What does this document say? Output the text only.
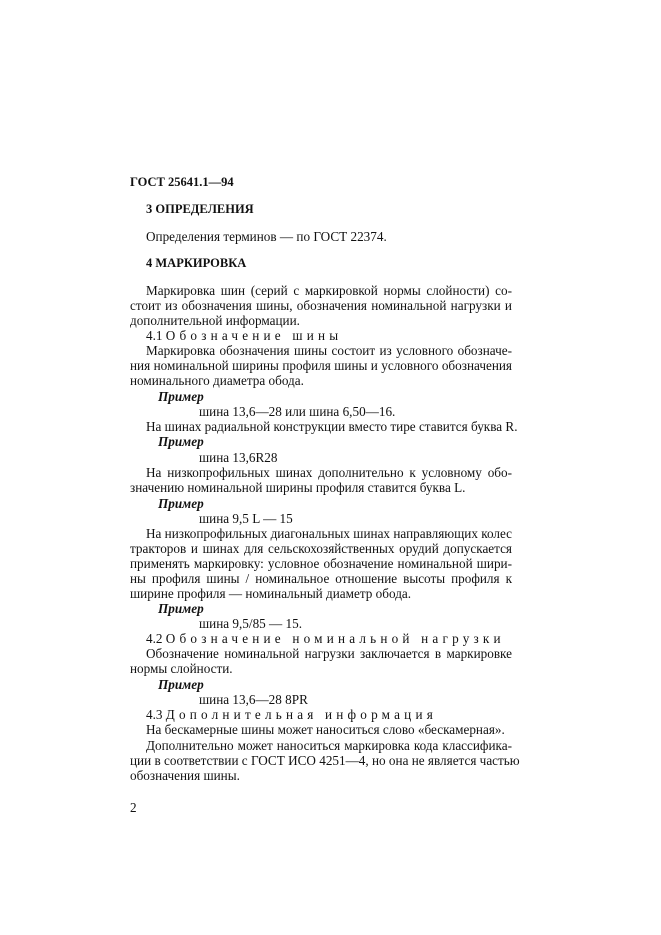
ГОСТ 25641.1—94
3 ОПРЕДЕЛЕНИЯ
Определения терминов — по ГОСТ 22374.
4 МАРКИРОВКА
Маркировка шин (серий с маркировкой нормы слойности) со-
стоит из обозначения шины, обозначения номинальной нагрузки и
дополнительной информации.
4.1 Обозначение шины
Маркировка обозначения шины состоит из условного обозначе-
ния номинальной ширины профиля шины и условного обозначения
номинального диаметра обода.
Пример
шина 13,6—28 или шина 6,50—16.
На шинах радиальной конструкции вместо тире ставится буква R.
Пример
шина 13,6R28
На низкопрофильных шинах дополнительно к условному обо-
значению номинальной ширины профиля ставится буква L.
Пример
шина 9,5 L — 15
На низкопрофильных диагональных шинах направляющих колес
тракторов и шинах для сельскохозяйственных орудий допускается
применять маркировку: условное обозначение номинальной шири-
ны профиля шины / номинальное отношение высоты профиля к
ширине профиля — номинальный диаметр обода.
Пример
шина 9,5/85 — 15.
4.2 Обозначение номинальной нагрузки
Обозначение номинальной нагрузки заключается в маркировке
нормы слойности.
Пример
шина 13,6—28 8PR
4.3 Дополнительная информация
На бескамерные шины может наноситься слово «бескамерная».
Дополнительно может наноситься маркировка кода классифика-
ции в соответствии с ГОСТ ИСО 4251—4, но она не является частью
обозначения шины.
2
